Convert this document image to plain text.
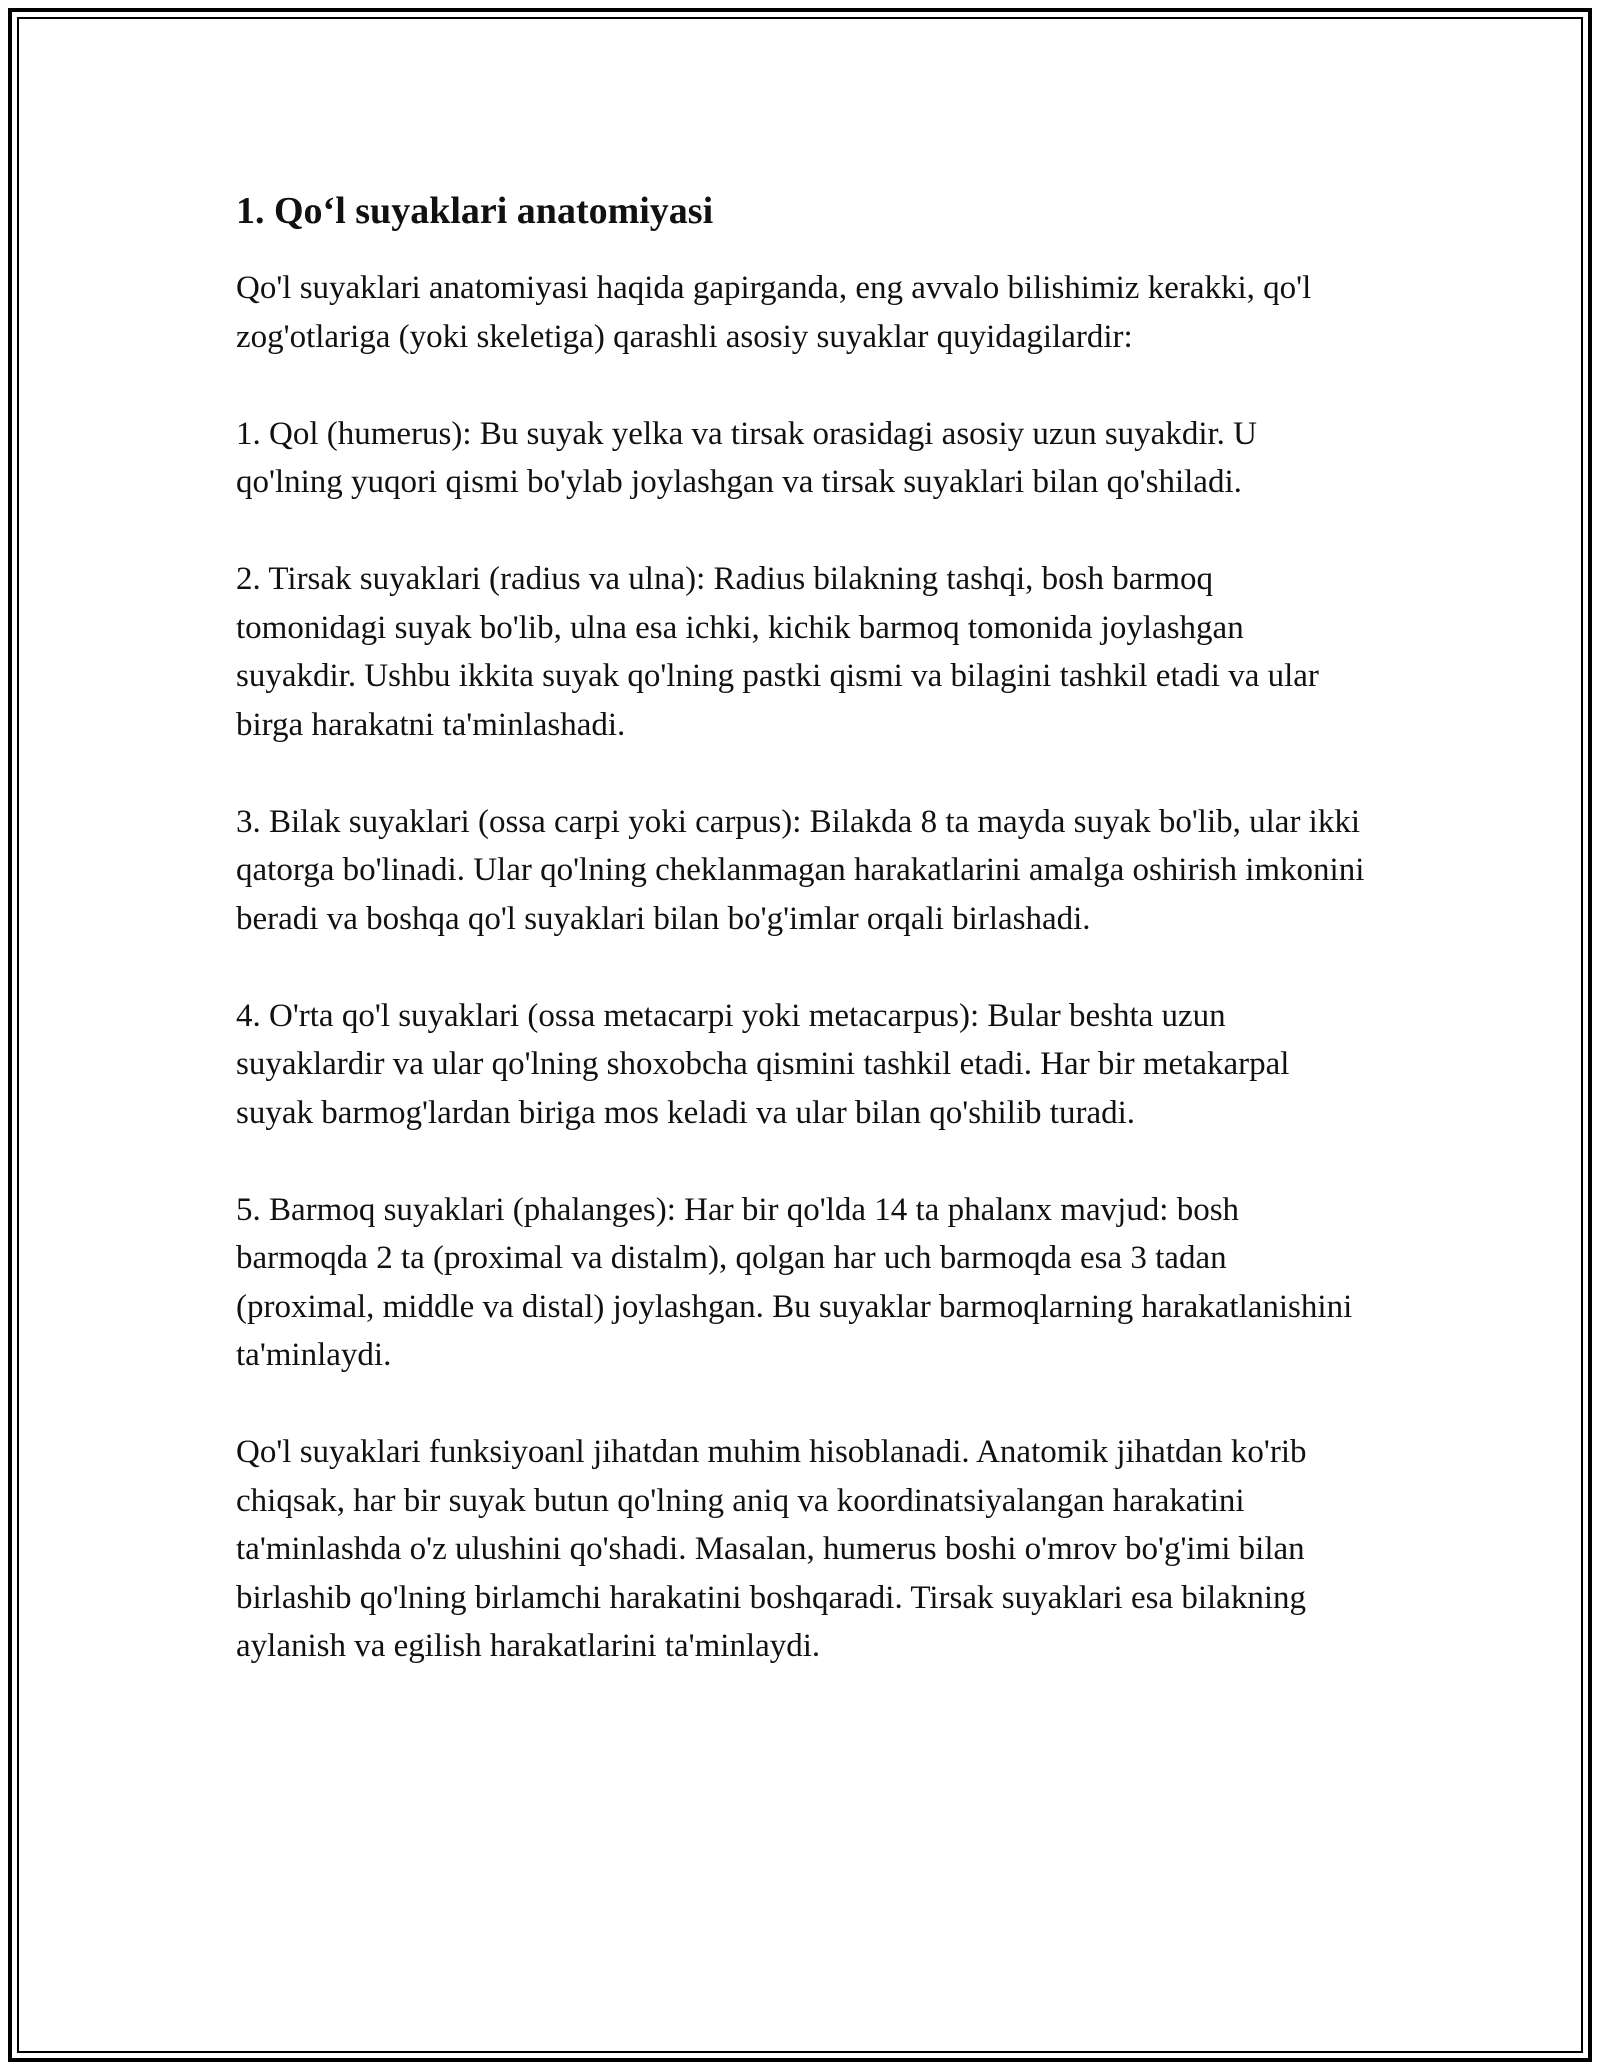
1. Qo‘l suyaklari anatomiyasi

Qo'l suyaklari anatomiyasi haqida gapirganda, eng avvalo bilishimiz kerakki, qo'l zog'otlariga (yoki skeletiga) qarashli asosiy suyaklar quyidagilardir:

1. Qol (humerus): Bu suyak yelka va tirsak orasidagi asosiy uzun suyakdir. U qo'lning yuqori qismi bo'ylab joylashgan va tirsak suyaklari bilan qo'shiladi.

2. Tirsak suyaklari (radius va ulna): Radius bilakning tashqi, bosh barmoq tomonidagi suyak bo'lib, ulna esa ichki, kichik barmoq tomonida joylashgan suyakdir. Ushbu ikkita suyak qo'lning pastki qismi va bilagini tashkil etadi va ular birga harakatni ta'minlashadi.

3. Bilak suyaklari (ossa carpi yoki carpus): Bilakda 8 ta mayda suyak bo'lib, ular ikki qatorga bo'linadi. Ular qo'lning cheklanmagan harakatlarini amalga oshirish imkonini beradi va boshqa qo'l suyaklari bilan bo'g'imlar orqali birlashadi.

4. O'rta qo'l suyaklari (ossa metacarpi yoki metacarpus): Bular beshta uzun suyaklardir va ular qo'lning shoxobcha qismini tashkil etadi. Har bir metakarpal suyak barmog'lardan biriga mos keladi va ular bilan qo'shilib turadi.

5. Barmoq suyaklari (phalanges): Har bir qo'lda 14 ta phalanx mavjud: bosh barmoqda 2 ta (proximal va distalm), qolgan har uch barmoqda esa 3 tadan (proximal, middle va distal) joylashgan. Bu suyaklar barmoqlarning harakatlanishini ta'minlaydi.

Qo'l suyaklari funksiyoanl jihatdan muhim hisoblanadi. Anatomik jihatdan ko'rib chiqsak, har bir suyak butun qo'lning aniq va koordinatsiyalangan harakatini ta'minlashda o'z ulushini qo'shadi. Masalan, humerus boshi o'mrov bo'g'imi bilan birlashib qo'lning birlamchi harakatini boshqaradi. Tirsak suyaklari esa bilakning aylanish va egilish harakatlarini ta'minlaydi.
